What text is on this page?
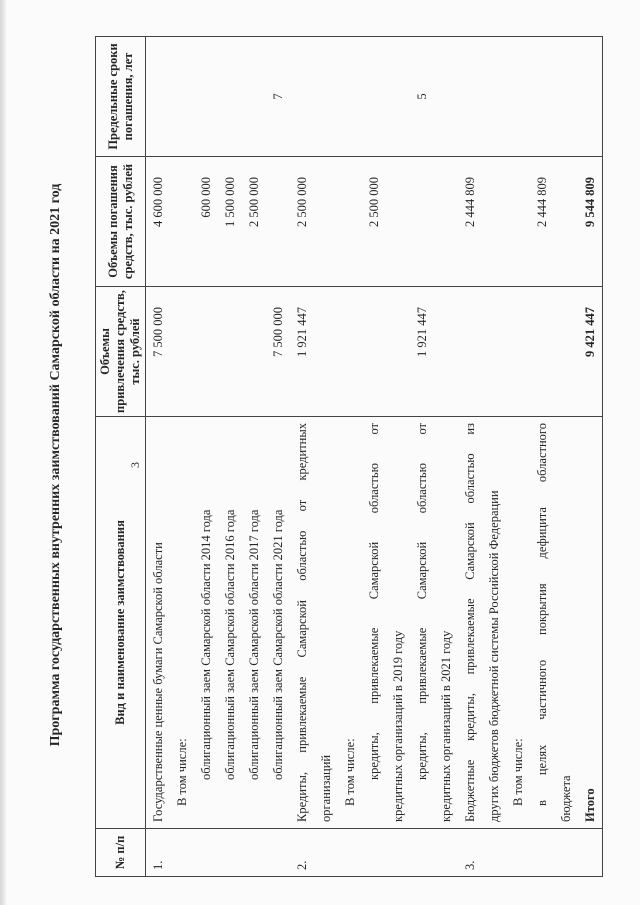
3
Программа государственных внутренних заимствований Самарской области на 2021 год
№ п/п	Вид и наименование заимствования	Объемы привлечения средств, тыс. рублей	Объемы погашения средств, тыс. рублей	Предельные сроки погашения, лет
1.	Государственные ценные бумаги Самарской области	7 500 000	4 600 000	
	В том числе:			
	облигационный заем Самарской области 2014 года		600 000	
	облигационный заем Самарской области 2016 года		1 500 000	
	облигационный заем Самарской области 2017 года		2 500 000	
	облигационный заем Самарской области 2021 года	7 500 000		7
2.	Кредиты, привлекаемые Самарской областью от кредитных	1 921 447	2 500 000	
	организаций			
	В том числе:			
	кредиты, привлекаемые Самарской областью от		2 500 000	
	кредитных организаций в 2019 году			
	кредиты, привлекаемые Самарской областью от	1 921 447		5
	кредитных организаций в 2021 году			
3.	Бюджетные кредиты, привлекаемые Самарской областью из		2 444 809	
	других бюджетов бюджетной системы Российской Федерации			
	В том числе:			
	в целях частичного покрытия дефицита областного		2 444 809	
	бюджета			
	Итого	9 421 447	9 544 809	
